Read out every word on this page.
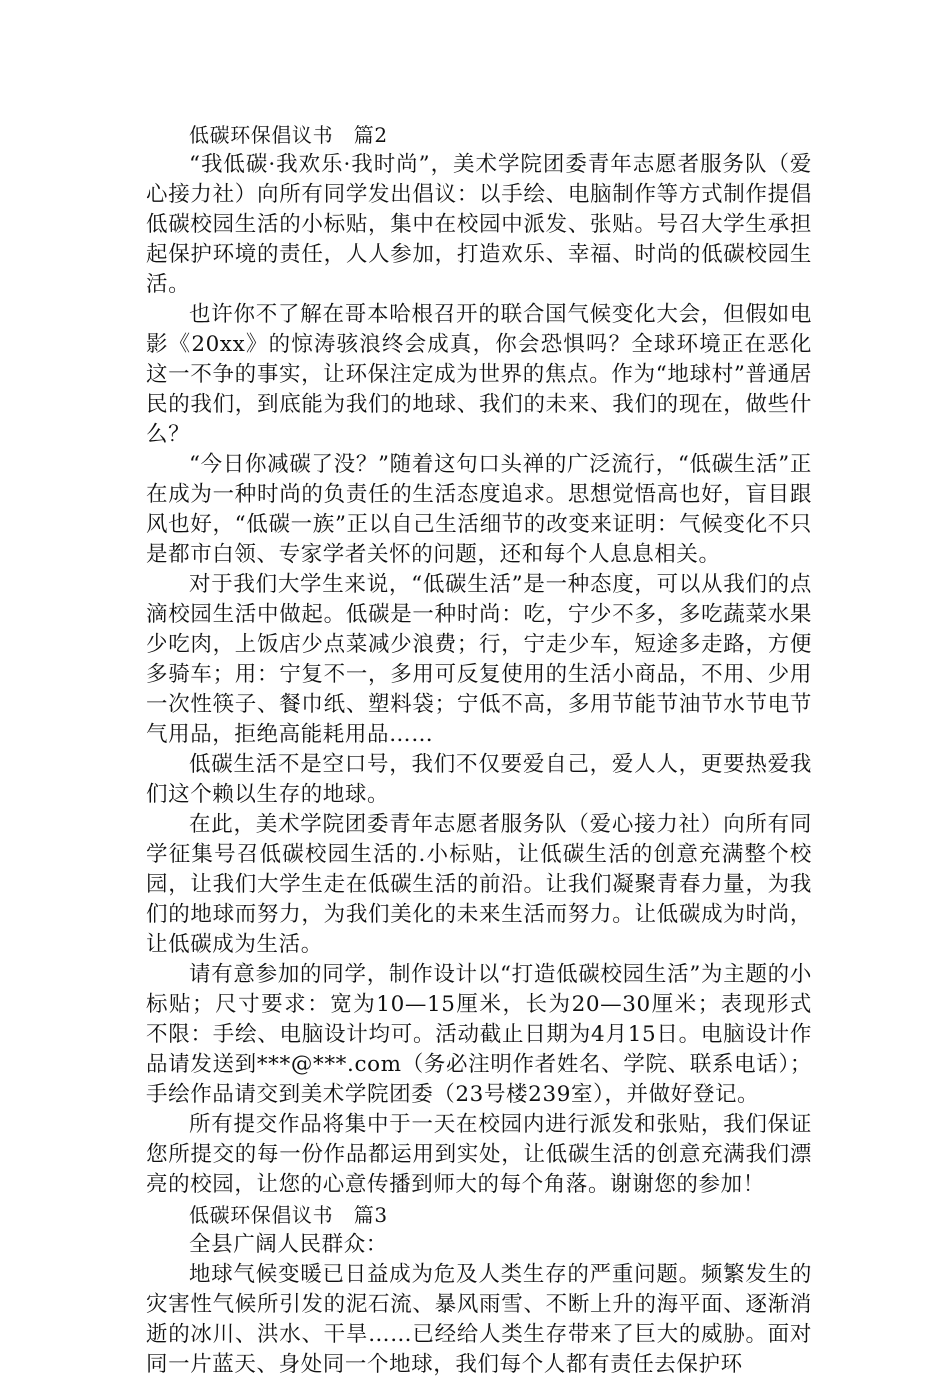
低碳环保倡议书　篇2

“我低碳·我欢乐·我时尚”，美术学院团委青年志愿者服务队（爱心接力社）向所有同学发出倡议：以手绘、电脑制作等方式制作提倡低碳校园生活的小标贴，集中在校园中派发、张贴。号召大学生承担起保护环境的责任，人人参加，打造欢乐、幸福、时尚的低碳校园生活。

也许你不了解在哥本哈根召开的联合国气候变化大会，但假如电影《20xx》的惊涛骇浪终会成真，你会恐惧吗？全球环境正在恶化这一不争的事实，让环保注定成为世界的焦点。作为“地球村”普通居民的我们，到底能为我们的地球、我们的未来、我们的现在，做些什么？

“今日你减碳了没？”随着这句口头禅的广泛流行，“低碳生活”正在成为一种时尚的负责任的生活态度追求。思想觉悟高也好，盲目跟风也好，“低碳一族”正以自己生活细节的改变来证明：气候变化不只是都市白领、专家学者关怀的问题，还和每个人息息相关。

对于我们大学生来说，“低碳生活”是一种态度，可以从我们的点滴校园生活中做起。低碳是一种时尚：吃，宁少不多，多吃蔬菜水果少吃肉，上饭店少点菜减少浪费；行，宁走少车，短途多走路，方便多骑车；用：宁复不一，多用可反复使用的生活小商品，不用、少用一次性筷子、餐巾纸、塑料袋；宁低不高，多用节能节油节水节电节气用品，拒绝高能耗用品……

低碳生活不是空口号，我们不仅要爱自己，爱人人，更要热爱我们这个赖以生存的地球。

在此，美术学院团委青年志愿者服务队（爱心接力社）向所有同学征集号召低碳校园生活的.小标贴，让低碳生活的创意充满整个校园，让我们大学生走在低碳生活的前沿。让我们凝聚青春力量，为我们的地球而努力，为我们美化的未来生活而努力。让低碳成为时尚，让低碳成为生活。

请有意参加的同学，制作设计以“打造低碳校园生活”为主题的小标贴；尺寸要求：宽为10—15厘米，长为20—30厘米；表现形式不限：手绘、电脑设计均可。活动截止日期为4月15日。电脑设计作品请发送到***@***.com（务必注明作者姓名、学院、联系电话）；手绘作品请交到美术学院团委（23号楼239室），并做好登记。

所有提交作品将集中于一天在校园内进行派发和张贴，我们保证您所提交的每一份作品都运用到实处，让低碳生活的创意充满我们漂亮的校园，让您的心意传播到师大的每个角落。谢谢您的参加！

低碳环保倡议书　篇3

全县广阔人民群众：

地球气候变暖已日益成为危及人类生存的严重问题。频繁发生的灾害性气候所引发的泥石流、暴风雨雪、不断上升的海平面、逐渐消逝的冰川、洪水、干旱……已经给人类生存带来了巨大的威胁。面对同一片蓝天、身处同一个地球，我们每个人都有责任去保护环
